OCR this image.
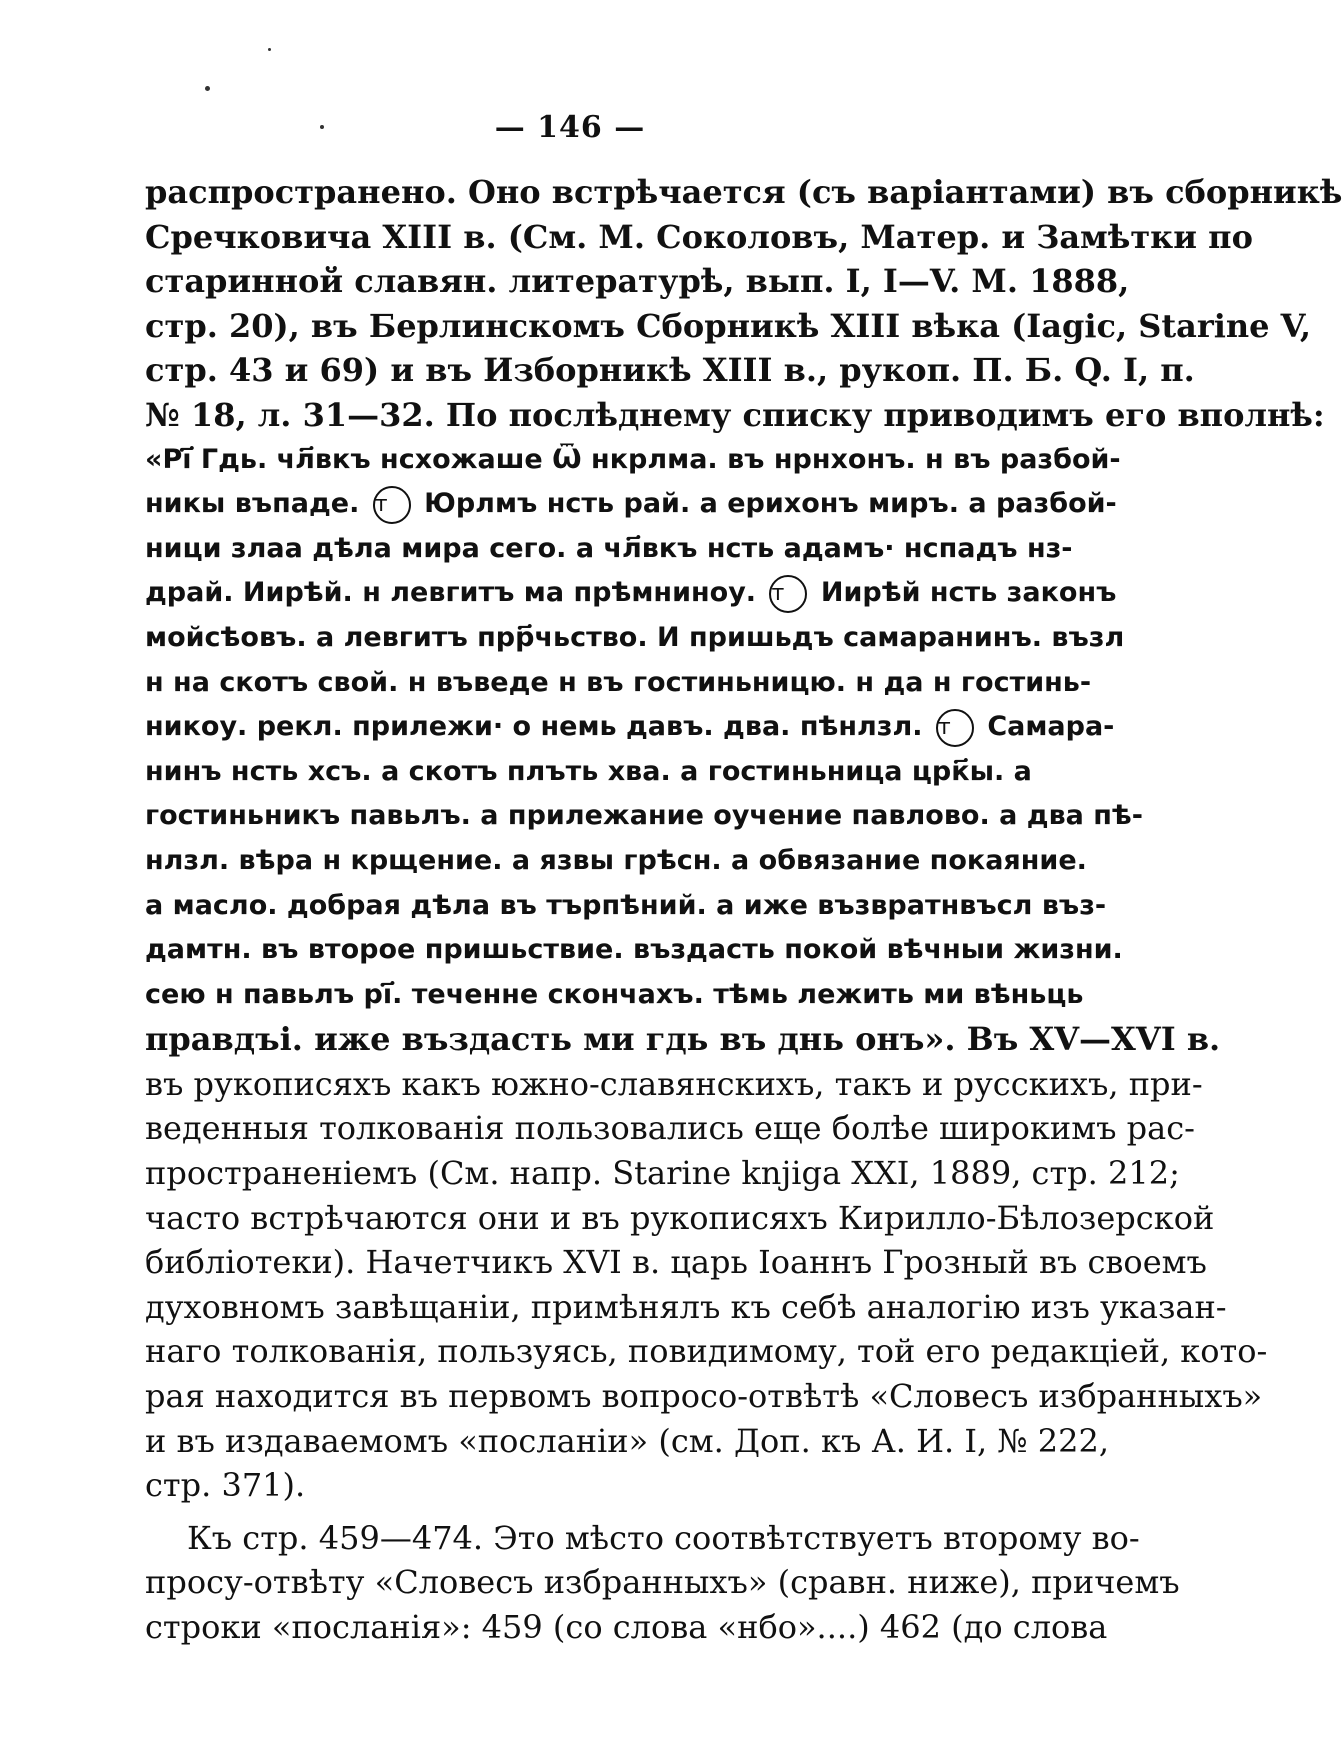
— 146 —
распространено. Оно встрѣчается (съ варіантами) въ сборникѣ
Сречковича XIII в. (См. М. Соколовъ, Матер. и Замѣтки по
старинной славян. литературѣ, вып. I, I—V. М. 1888,
стр. 20), въ Берлинскомъ Сборникѣ XIII вѣка (Iagic, Starine V,
стр. 43 и 69) и въ Изборникѣ XIII в., рукоп. П. Б. Q. I, п.
№ 18, л. 31—32. По послѣднему списку приводимъ его вполнѣ:
«Рі҃ Гдь. чл҃вкъ нсхожаше Ѿ нкрлма. въ нрнхонъ. н въ разбой-
никы въпаде. т Юрлмъ нсть рай. а ерихонъ миръ. а разбой-
ници злаа дѣла мира сего. а чл҃вкъ нсть адамъ· нспадъ нз-
драй. Иирѣй. н левгитъ ма прѣмниноу. т Иирѣй нсть законъ
мойсѣовъ. а левгитъ прр҃чьство. И пришьдъ самаранинъ. възл
н на скотъ свой. н въведе н въ гостиньницю. н да н гостинь-
никоу. рекл. прилежи· о немь давъ. два. пѣнлзл. т Самара-
нинъ нсть хсъ. а скотъ плъть хва. а гостиньница црк҃ы. а
гостиньникъ павьлъ. а прилежание оучение павлово. а два пѣ-
нлзл. вѣра н крщение. а язвы грѣсн. а обвязание покаяние.
а масло. добрая дѣла въ търпѣний. а иже възвратнвъсл въз-
дамтн. въ второе пришьствие. въздасть покой вѣчныи жизни.
сею н павьлъ рі҃. теченне скончахъ. тѣмь лежить ми вѣньць
правдъі. иже въздасть ми гдь въ днь онъ». Въ XV—XVI в.
въ рукописяхъ какъ южно-славянскихъ, такъ и русскихъ, при-
веденныя толкованія пользовались еще болѣе широкимъ рас-
пространеніемъ (См. напр. Starine knjiga XXI, 1889, стр. 212;
часто встрѣчаются они и въ рукописяхъ Кирилло-Бѣлозерской
библіотеки). Начетчикъ XVI в. царь Іоаннъ Грозный въ своемъ
духовномъ завѣщаніи, примѣнялъ къ себѣ аналогію изъ указан-
наго толкованія, пользуясь, повидимому, той его редакціей, кото-
рая находится въ первомъ вопросо-отвѣтѣ «Словесъ избранныхъ»
и въ издаваемомъ «посланіи» (см. Доп. къ А. И. I, № 222,
стр. 371).
Къ стр. 459—474. Это мѣсто соотвѣтствуетъ второму во-
просу-отвѣту «Словесъ избранныхъ» (сравн. ниже), причемъ
строки «посланія»: 459 (со слова «нбо»....) 462 (до слова
